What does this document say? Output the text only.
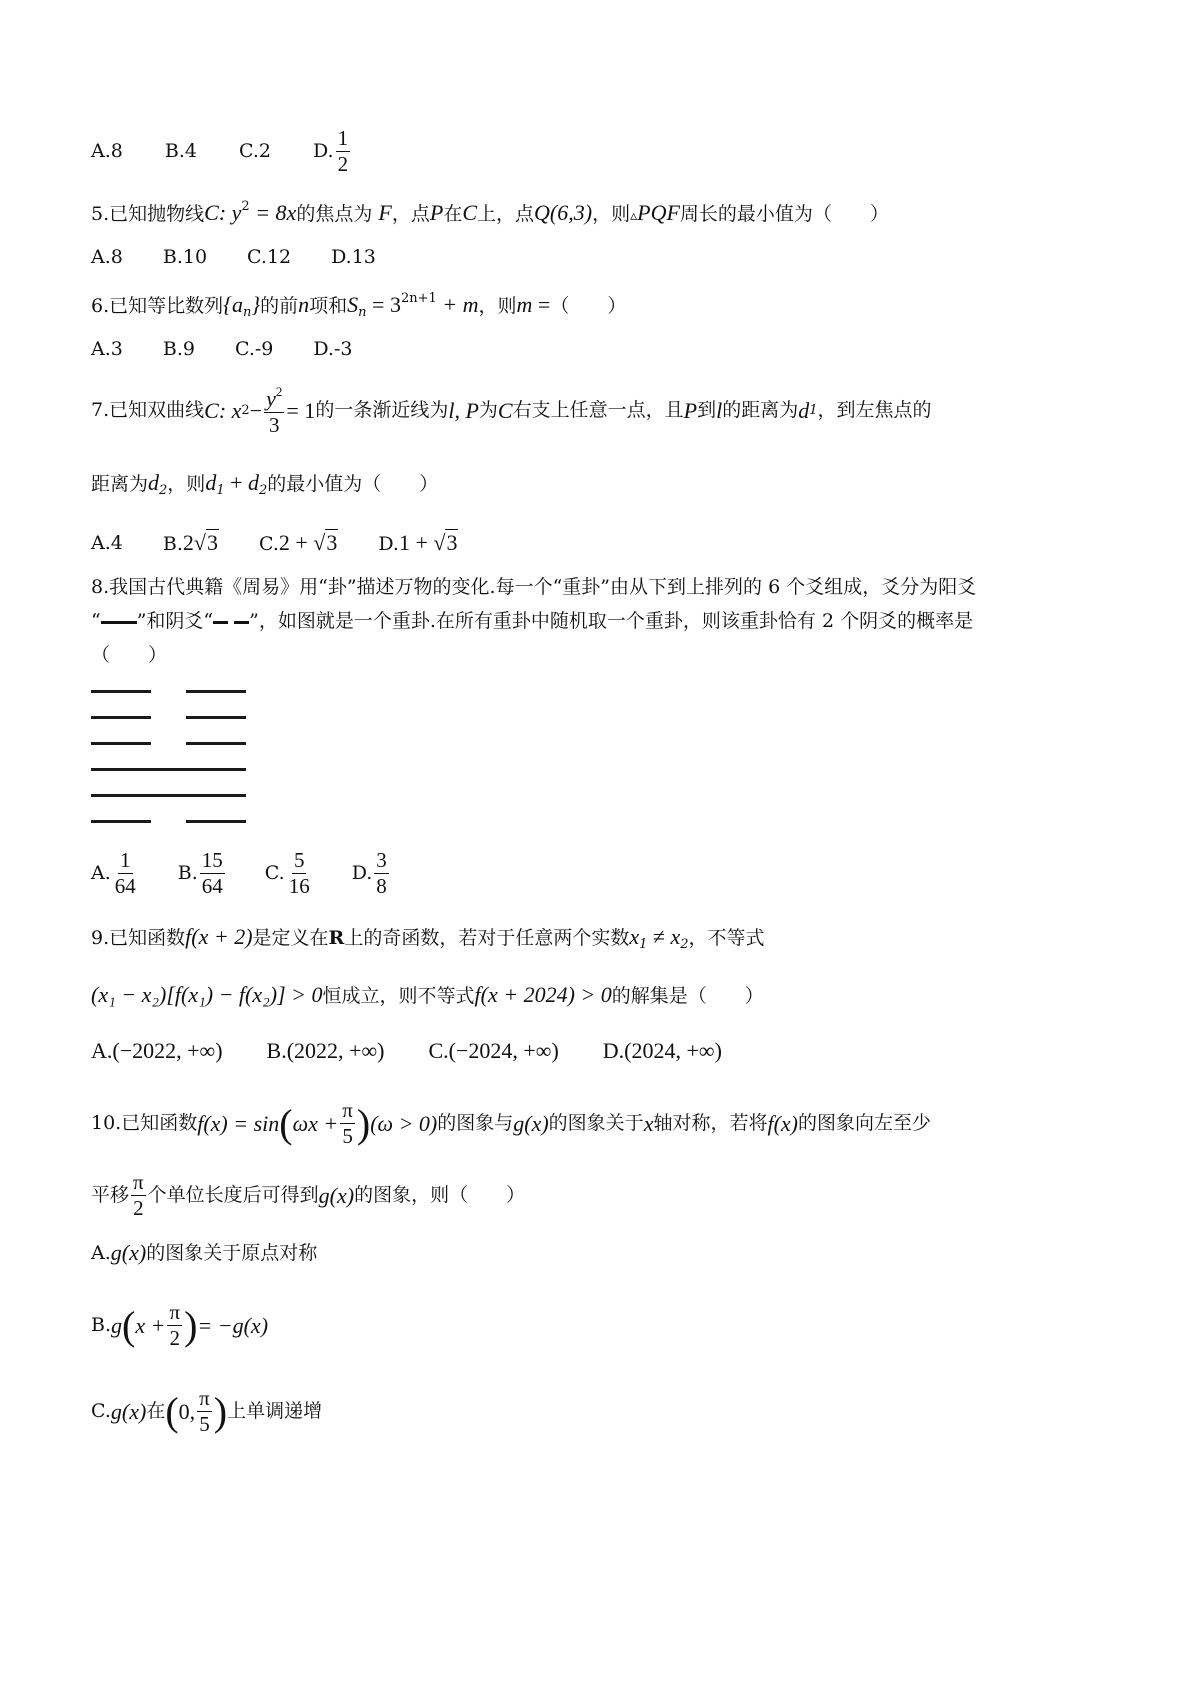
A.8 B.4 C.2 D. $\frac{1}{2}$
5.已知抛物线C: $y^2 = 8x$的焦点为 F，点P在C上，点Q(6,3)，则▵PQF周长的最小值为（　　）
A.8 B.10 C.12 D.13
6.已知等比数列$\{a_n\}$的前n项和$S_n = 3^{2n+1} + m$，则m =（　　）
A.3 B.9 C.-9 D.-3
7.已知双曲线 C : x $2 - \frac{y^2}{3} = 1$ 的一条渐近线为 l, P 为 C 右支上任意一点，且 P 到 l 的距离为 d 1 ，到左焦点的
距离为$d_2$，则$d_1 + d_2$的最小值为（　　）
A.4 B.2√3 C.2 + √3 D.1 + √3
8.我国古代典籍《周易》用“卦”描述万物的变化.每一个“重卦”由从下到上排列的 6 个爻组成，爻分为阳爻
“ ”和阴爻“ ”，如图就是一个重卦.在所有重卦中随机取一个重卦，则该重卦恰有 2 个阴爻的概率是
（　　）
A. $\frac{1}{64} B$. $\frac{15}{64} C$. $\frac{5}{16} D$. $\frac{3}{8}$
9.已知函数f(x + 2)是定义在R上的奇函数，若对于任意两个实数$x_1 \ne x_2$，不等式
(x₁ − x₂)[f(x₁) − f(x₂)] > 0恒成立，则不等式f(x + 2024) > 0的解集是（　　）
A.(−2022, +∞) B.(2022, +∞) C.(−2024, +∞) D.(2024, +∞)
10.已知函数 f(x) = sin ( $\omega x + \frac{\pi}{5}$ ) (ω > 0) 的图象与 g(x) 的图象关于 x 轴对称，若将 f(x) 的图象向左至少
平移 $\frac{\pi}{2}$ 个单位长度后可得到 g(x) 的图象，则（　　）
A. g(x) 的图象关于原点对称
B. g ( $x + \frac{\pi}{2}$ ) = −g(x)
C. g(x) 在 ( 0, $\frac{\pi}{5}$ ) 上单调递增
